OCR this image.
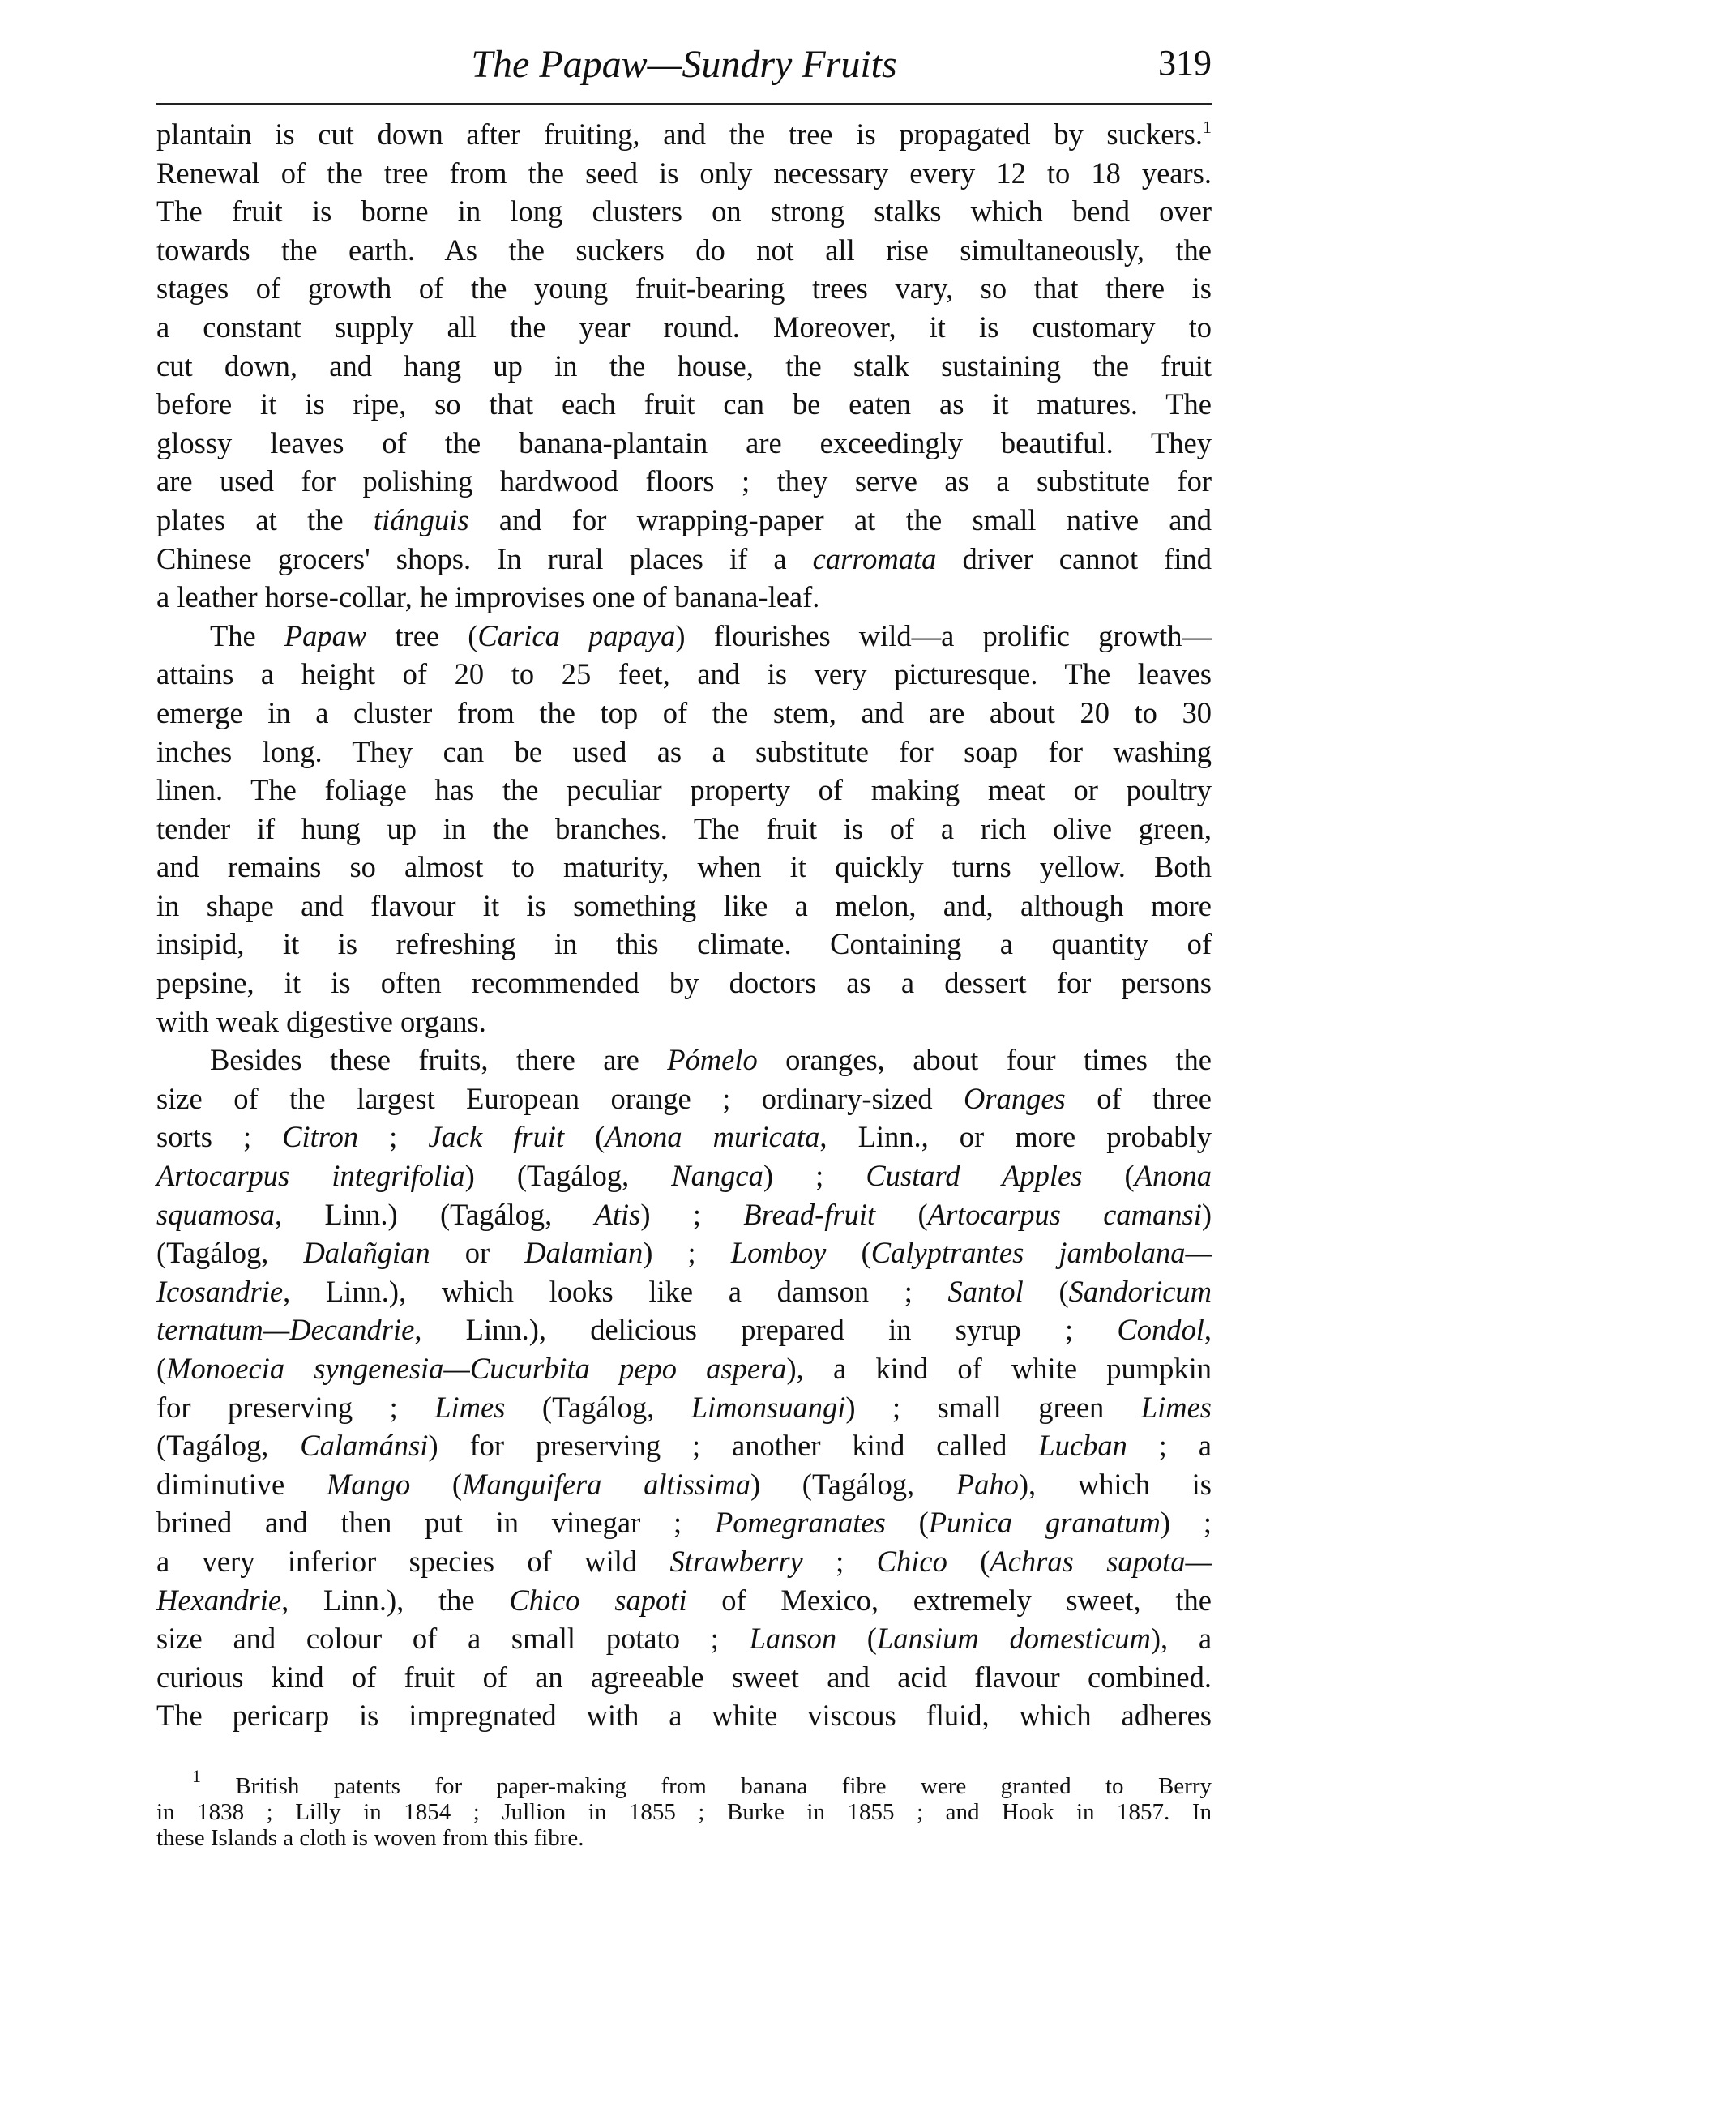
The Papaw—Sundry Fruits	319
plantain is cut down after fruiting, and the tree is propagated by suckers.$^1$
Renewal of the tree from the seed is only necessary every 12 to 18 years.
The fruit is borne in long clusters on strong stalks which bend over
towards the earth. As the suckers do not all rise simultaneously, the
stages of growth of the young fruit-bearing trees vary, so that there is
a constant supply all the year round. Moreover, it is customary to
cut down, and hang up in the house, the stalk sustaining the fruit
before it is ripe, so that each fruit can be eaten as it matures. The
glossy leaves of the banana-plantain are exceedingly beautiful. They
are used for polishing hardwood floors ; they serve as a substitute for
plates at the tiánguis and for wrapping-paper at the small native and
Chinese grocers' shops. In rural places if a carromata driver cannot find
a leather horse-collar, he improvises one of banana-leaf.
The Papaw tree (Carica papaya) flourishes wild—a prolific growth—
attains a height of 20 to 25 feet, and is very picturesque. The leaves
emerge in a cluster from the top of the stem, and are about 20 to 30
inches long. They can be used as a substitute for soap for washing
linen. The foliage has the peculiar property of making meat or poultry
tender if hung up in the branches. The fruit is of a rich olive green,
and remains so almost to maturity, when it quickly turns yellow. Both
in shape and flavour it is something like a melon, and, although more
insipid, it is refreshing in this climate. Containing a quantity of
pepsine, it is often recommended by doctors as a dessert for persons
with weak digestive organs.
Besides these fruits, there are Pómelo oranges, about four times the
size of the largest European orange ; ordinary-sized Oranges of three
sorts ; Citron ; Jack fruit (Anona muricata, Linn., or more probably
Artocarpus integrifolia) (Tagálog, Nangca) ; Custard Apples (Anona
squamosa, Linn.) (Tagálog, Atis) ; Bread-fruit (Artocarpus camansi)
(Tagálog, Dalañgian or Dalamian) ; Lomboy (Calyptrantes jambolana—
Icosandrie, Linn.), which looks like a damson ; Santol (Sandoricum
ternatum—Decandrie, Linn.), delicious prepared in syrup ; Condol,
(Monoecia syngenesia—Cucurbita pepo aspera), a kind of white pumpkin
for preserving ; Limes (Tagálog, Limonsuangi) ; small green Limes
(Tagálog, Calamánsi) for preserving ; another kind called Lucban ; a
diminutive Mango (Manguifera altissima) (Tagálog, Paho), which is
brined and then put in vinegar ; Pomegranates (Punica granatum) ;
a very inferior species of wild Strawberry ; Chico (Achras sapota—
Hexandrie, Linn.), the Chico sapoti of Mexico, extremely sweet, the
size and colour of a small potato ; Lanson (Lansium domesticum), a
curious kind of fruit of an agreeable sweet and acid flavour combined.
The pericarp is impregnated with a white viscous fluid, which adheres
$^1$ British patents for paper-making from banana fibre were granted to Berry
in 1838 ; Lilly in 1854 ; Jullion in 1855 ; Burke in 1855 ; and Hook in 1857. In
these Islands a cloth is woven from this fibre.
